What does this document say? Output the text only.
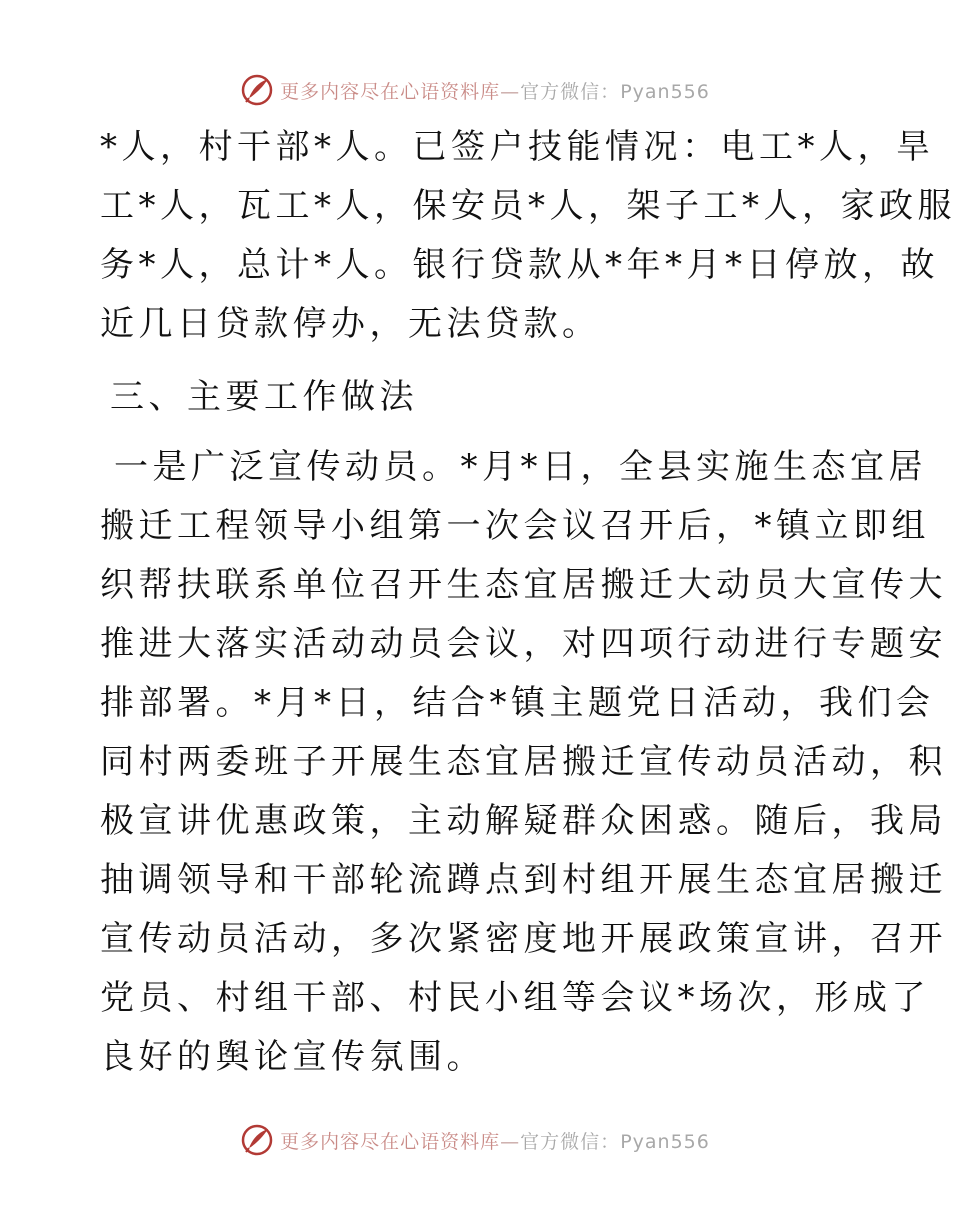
更多内容尽在心语资料库—官方微信：Pyan556
*人，村干部*人。已签户技能情况：电工*人，旱
工*人，瓦工*人，保安员*人，架子工*人，家政服
务*人，总计*人。银行贷款从*年*月*日停放，故
近几日贷款停办，无法贷款。
三、主要工作做法
一是广泛宣传动员。*月*日，全县实施生态宜居
搬迁工程领导小组第一次会议召开后，*镇立即组
织帮扶联系单位召开生态宜居搬迁大动员大宣传大
推进大落实活动动员会议，对四项行动进行专题安
排部署。*月*日，结合*镇主题党日活动，我们会
同村两委班子开展生态宜居搬迁宣传动员活动，积
极宣讲优惠政策，主动解疑群众困惑。随后，我局
抽调领导和干部轮流蹲点到村组开展生态宜居搬迁
宣传动员活动，多次紧密度地开展政策宣讲，召开
党员、村组干部、村民小组等会议*场次，形成了
良好的舆论宣传氛围。
更多内容尽在心语资料库—官方微信：Pyan556
